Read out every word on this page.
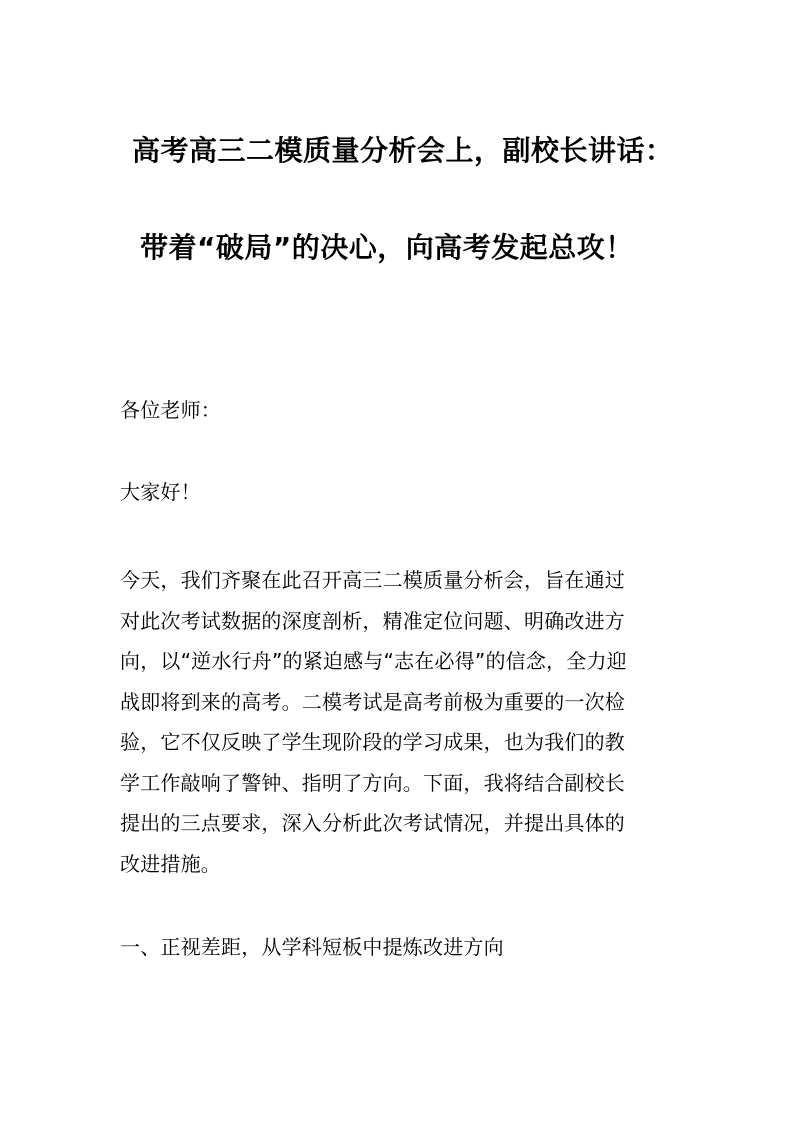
高考高三二模质量分析会上，副校长讲话：
带着“破局”的决心，向高考发起总攻！
各位老师：
大家好！
今天，我们齐聚在此召开高三二模质量分析会，旨在通过
对此次考试数据的深度剖析，精准定位问题、明确改进方
向，以“逆水行舟”的紧迫感与“志在必得”的信念，全力迎
战即将到来的高考。二模考试是高考前极为重要的一次检
验，它不仅反映了学生现阶段的学习成果，也为我们的教
学工作敲响了警钟、指明了方向。下面，我将结合副校长
提出的三点要求，深入分析此次考试情况，并提出具体的
改进措施。
一、正视差距，从学科短板中提炼改进方向
